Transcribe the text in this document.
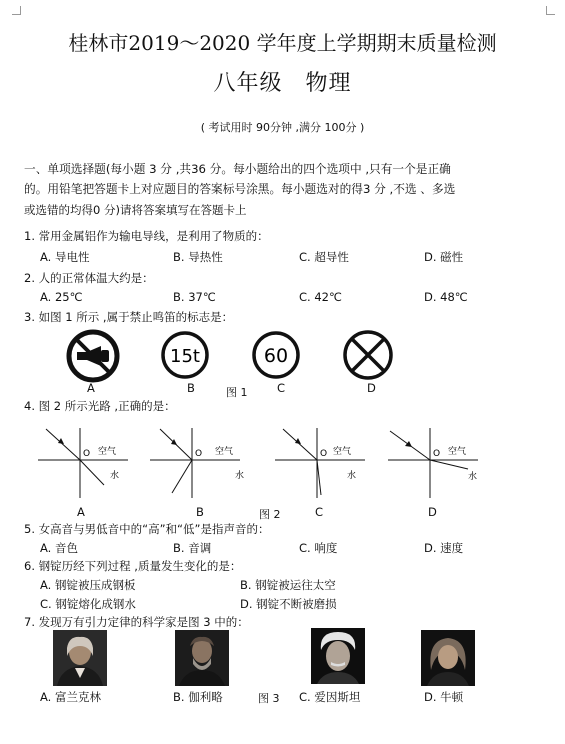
桂林市2019～2020 学年度上学期期末质量检测
八年级　物理
( 考试用时 90分钟 ,满分 100分 )
一、单项选择题(每小题 3 分 ,共36 分。每小题给出的四个选项中 ,只有一个是正确
的。用铅笔把答题卡上对应题目的答案标号涂黑。每小题选对的得3 分 ,不选 、多选
或选错的均得0 分)请将答案填写在答题卡上
1. 常用金属铝作为输电导线，是利用了物质的：
A. 导电性	B. 导热性	C. 超导性	D. 磁性
2. 人的正常体温大约是：
A. 25℃	B. 37℃	C. 42℃	D. 48℃
3. 如图 1 所示 ,属于禁止鸣笛的标志是：
15t	60
A	B	图 1	C	D
4. 图 2 所示光路 ,正确的是：
O 空气
水
O 空气
水
O 空气
水
O 空气
水
A	B	图 2	C	D
5. 女高音与男低音中的“高”和“低”是指声音的：
A. 音色	B. 音调	C. 响度	D. 速度
6. 钢锭历经下列过程 ,质量发生变化的是：
A. 钢锭被压成钢板	B. 钢锭被运往太空
C. 钢锭熔化成钢水	D. 钢锭不断被磨损
7. 发现万有引力定律的科学家是图 3 中的：
A. 富兰克林	B. 伽利略	图 3 C. 爱因斯坦	D. 牛顿
